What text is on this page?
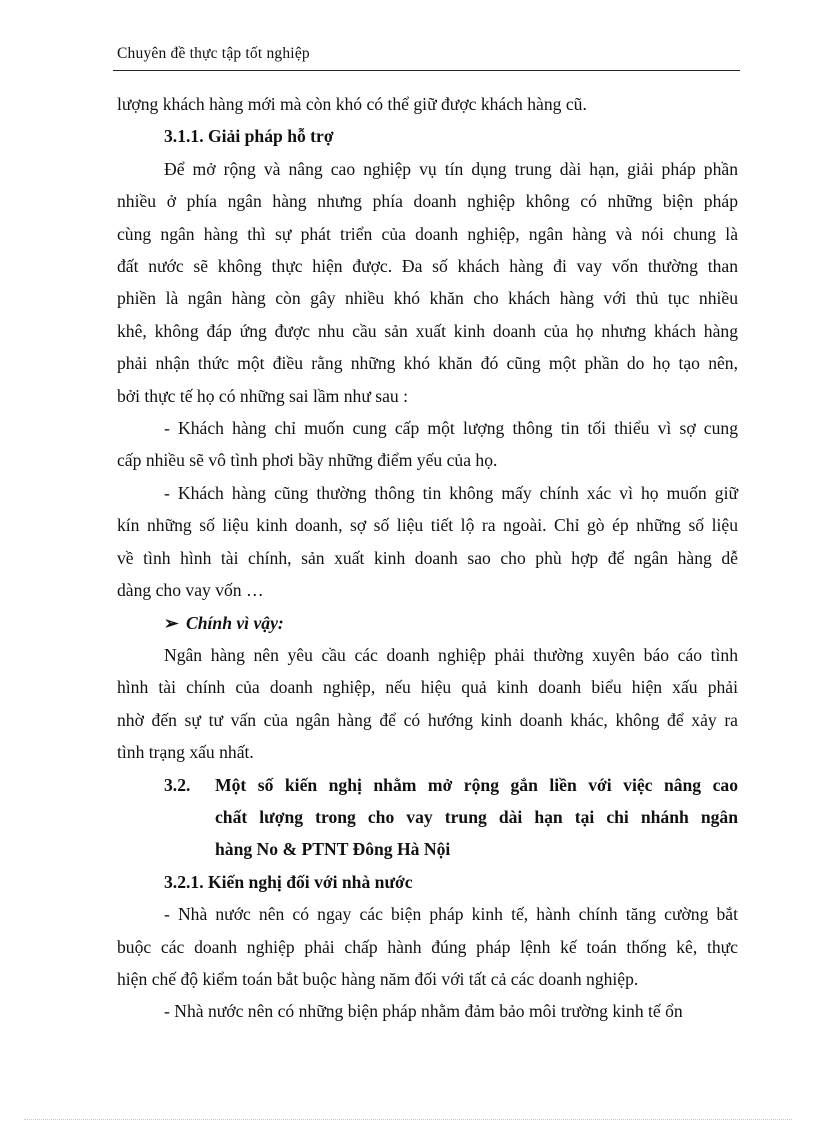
Chuyên đề thực tập tốt nghiệp
lượng khách hàng mới mà còn khó có thể giữ được khách hàng cũ.
3.1.1. Giải pháp hỗ trợ
Để mở rộng và nâng cao nghiệp vụ tín dụng trung dài hạn, giải pháp phần
nhiều ở phía ngân hàng nhưng phía doanh nghiệp không có những biện pháp
cùng ngân hàng thì sự phát triển của doanh nghiệp, ngân hàng và nói chung là
đất nước sẽ không thực hiện được. Đa số khách hàng đi vay vốn thường than
phiền là ngân hàng còn gây nhiều khó khăn cho khách hàng với thủ tục nhiều
khê, không đáp ứng được nhu cầu sản xuất kinh doanh của họ nhưng khách hàng
phải nhận thức một điều rằng những khó khăn đó cũng một phần do họ tạo nên,
bởi thực tế họ có những sai lầm như sau :
- Khách hàng chỉ muốn cung cấp một lượng thông tin tối thiểu vì sợ cung
cấp nhiều sẽ vô tình phơi bầy những điểm yếu của họ.
- Khách hàng cũng thường thông tin không mấy chính xác vì họ muốn giữ
kín những số liệu kinh doanh, sợ số liệu tiết lộ ra ngoài. Chỉ gò ép những số liệu
về tình hình tài chính, sản xuất kinh doanh sao cho phù hợp để ngân hàng dễ
dàng cho vay vốn …
➢ Chính vì vậy:
Ngân hàng nên yêu cầu các doanh nghiệp phải thường xuyên báo cáo tình
hình tài chính của doanh nghiệp, nếu hiệu quả kinh doanh biểu hiện xấu phải
nhờ đến sự tư vấn của ngân hàng để có hướng kinh doanh khác, không để xảy ra
tình trạng xấu nhất.
3.2.	Một số kiến nghị nhằm mở rộng gắn liền với việc nâng cao
chất lượng trong cho vay trung dài hạn tại chi nhánh ngân
hàng No & PTNT Đông Hà Nội
3.2.1. Kiến nghị đối với nhà nước
- Nhà nước nên có ngay các biện pháp kinh tế, hành chính tăng cường bắt
buộc các doanh nghiệp phải chấp hành đúng pháp lệnh kế toán thống kê, thực
hiện chế độ kiểm toán bắt buộc hàng năm đối với tất cả các doanh nghiệp.
- Nhà nước nên có những biện pháp nhằm đảm bảo môi trường kinh tế ổn
